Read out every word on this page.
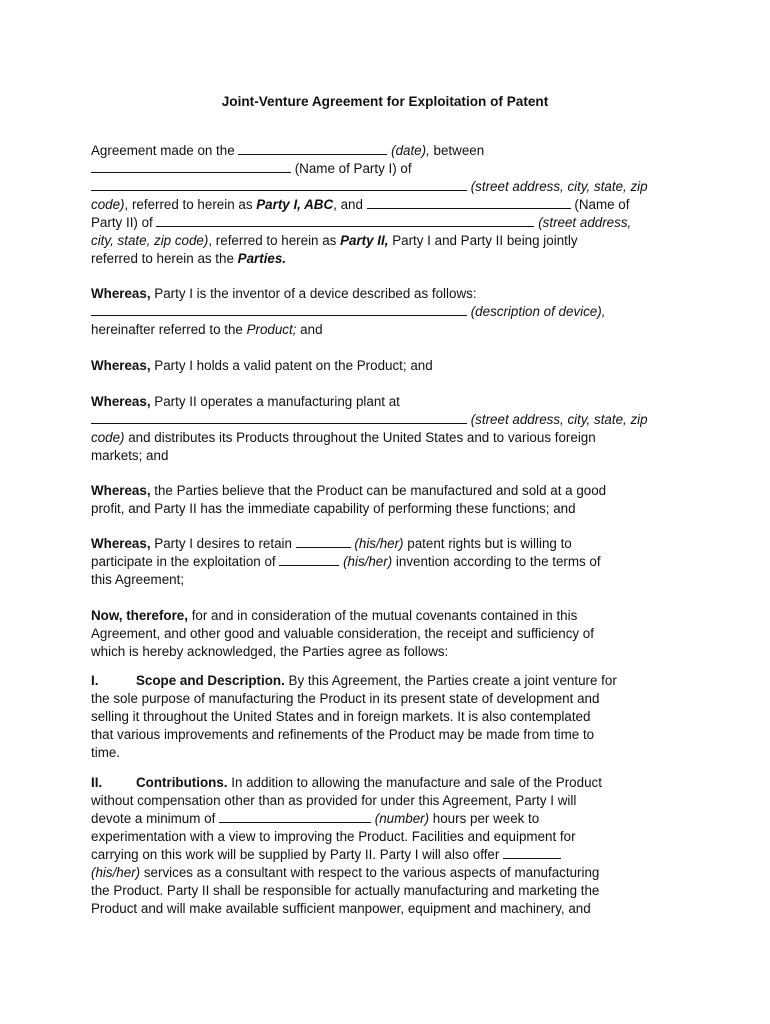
Joint-Venture Agreement for Exploitation of Patent
Agreement made on the	(date), between
(Name of Party I) of
(street address, city, state, zip
code), referred to herein as Party I, ABC, and	(Name of
Party II) of	(street address,
city, state, zip code), referred to herein as Party II, Party I and Party II being jointly
referred to herein as the Parties.
Whereas, Party I is the inventor of a device described as follows:
(description of device),
hereinafter referred to the Product; and
Whereas, Party I holds a valid patent on the Product; and
Whereas, Party II operates a manufacturing plant at
(street address, city, state, zip
code) and distributes its Products throughout the United States and to various foreign
markets; and
Whereas, the Parties believe that the Product can be manufactured and sold at a good
profit, and Party II has the immediate capability of performing these functions; and
Whereas, Party I desires to retain	(his/her) patent rights but is willing to
participate in the exploitation of	(his/her) invention according to the terms of
this Agreement;
Now, therefore, for and in consideration of the mutual covenants contained in this
Agreement, and other good and valuable consideration, the receipt and sufficiency of
which is hereby acknowledged, the Parties agree as follows:
I.	Scope and Description. By this Agreement, the Parties create a joint venture for
the sole purpose of manufacturing the Product in its present state of development and
selling it throughout the United States and in foreign markets. It is also contemplated
that various improvements and refinements of the Product may be made from time to
time.
II.	Contributions. In addition to allowing the manufacture and sale of the Product
without compensation other than as provided for under this Agreement, Party I will
devote a minimum of	(number) hours per week to
experimentation with a view to improving the Product. Facilities and equipment for
carrying on this work will be supplied by Party II. Party I will also offer
(his/her) services as a consultant with respect to the various aspects of manufacturing
the Product. Party II shall be responsible for actually manufacturing and marketing the
Product and will make available sufficient manpower, equipment and machinery, and
